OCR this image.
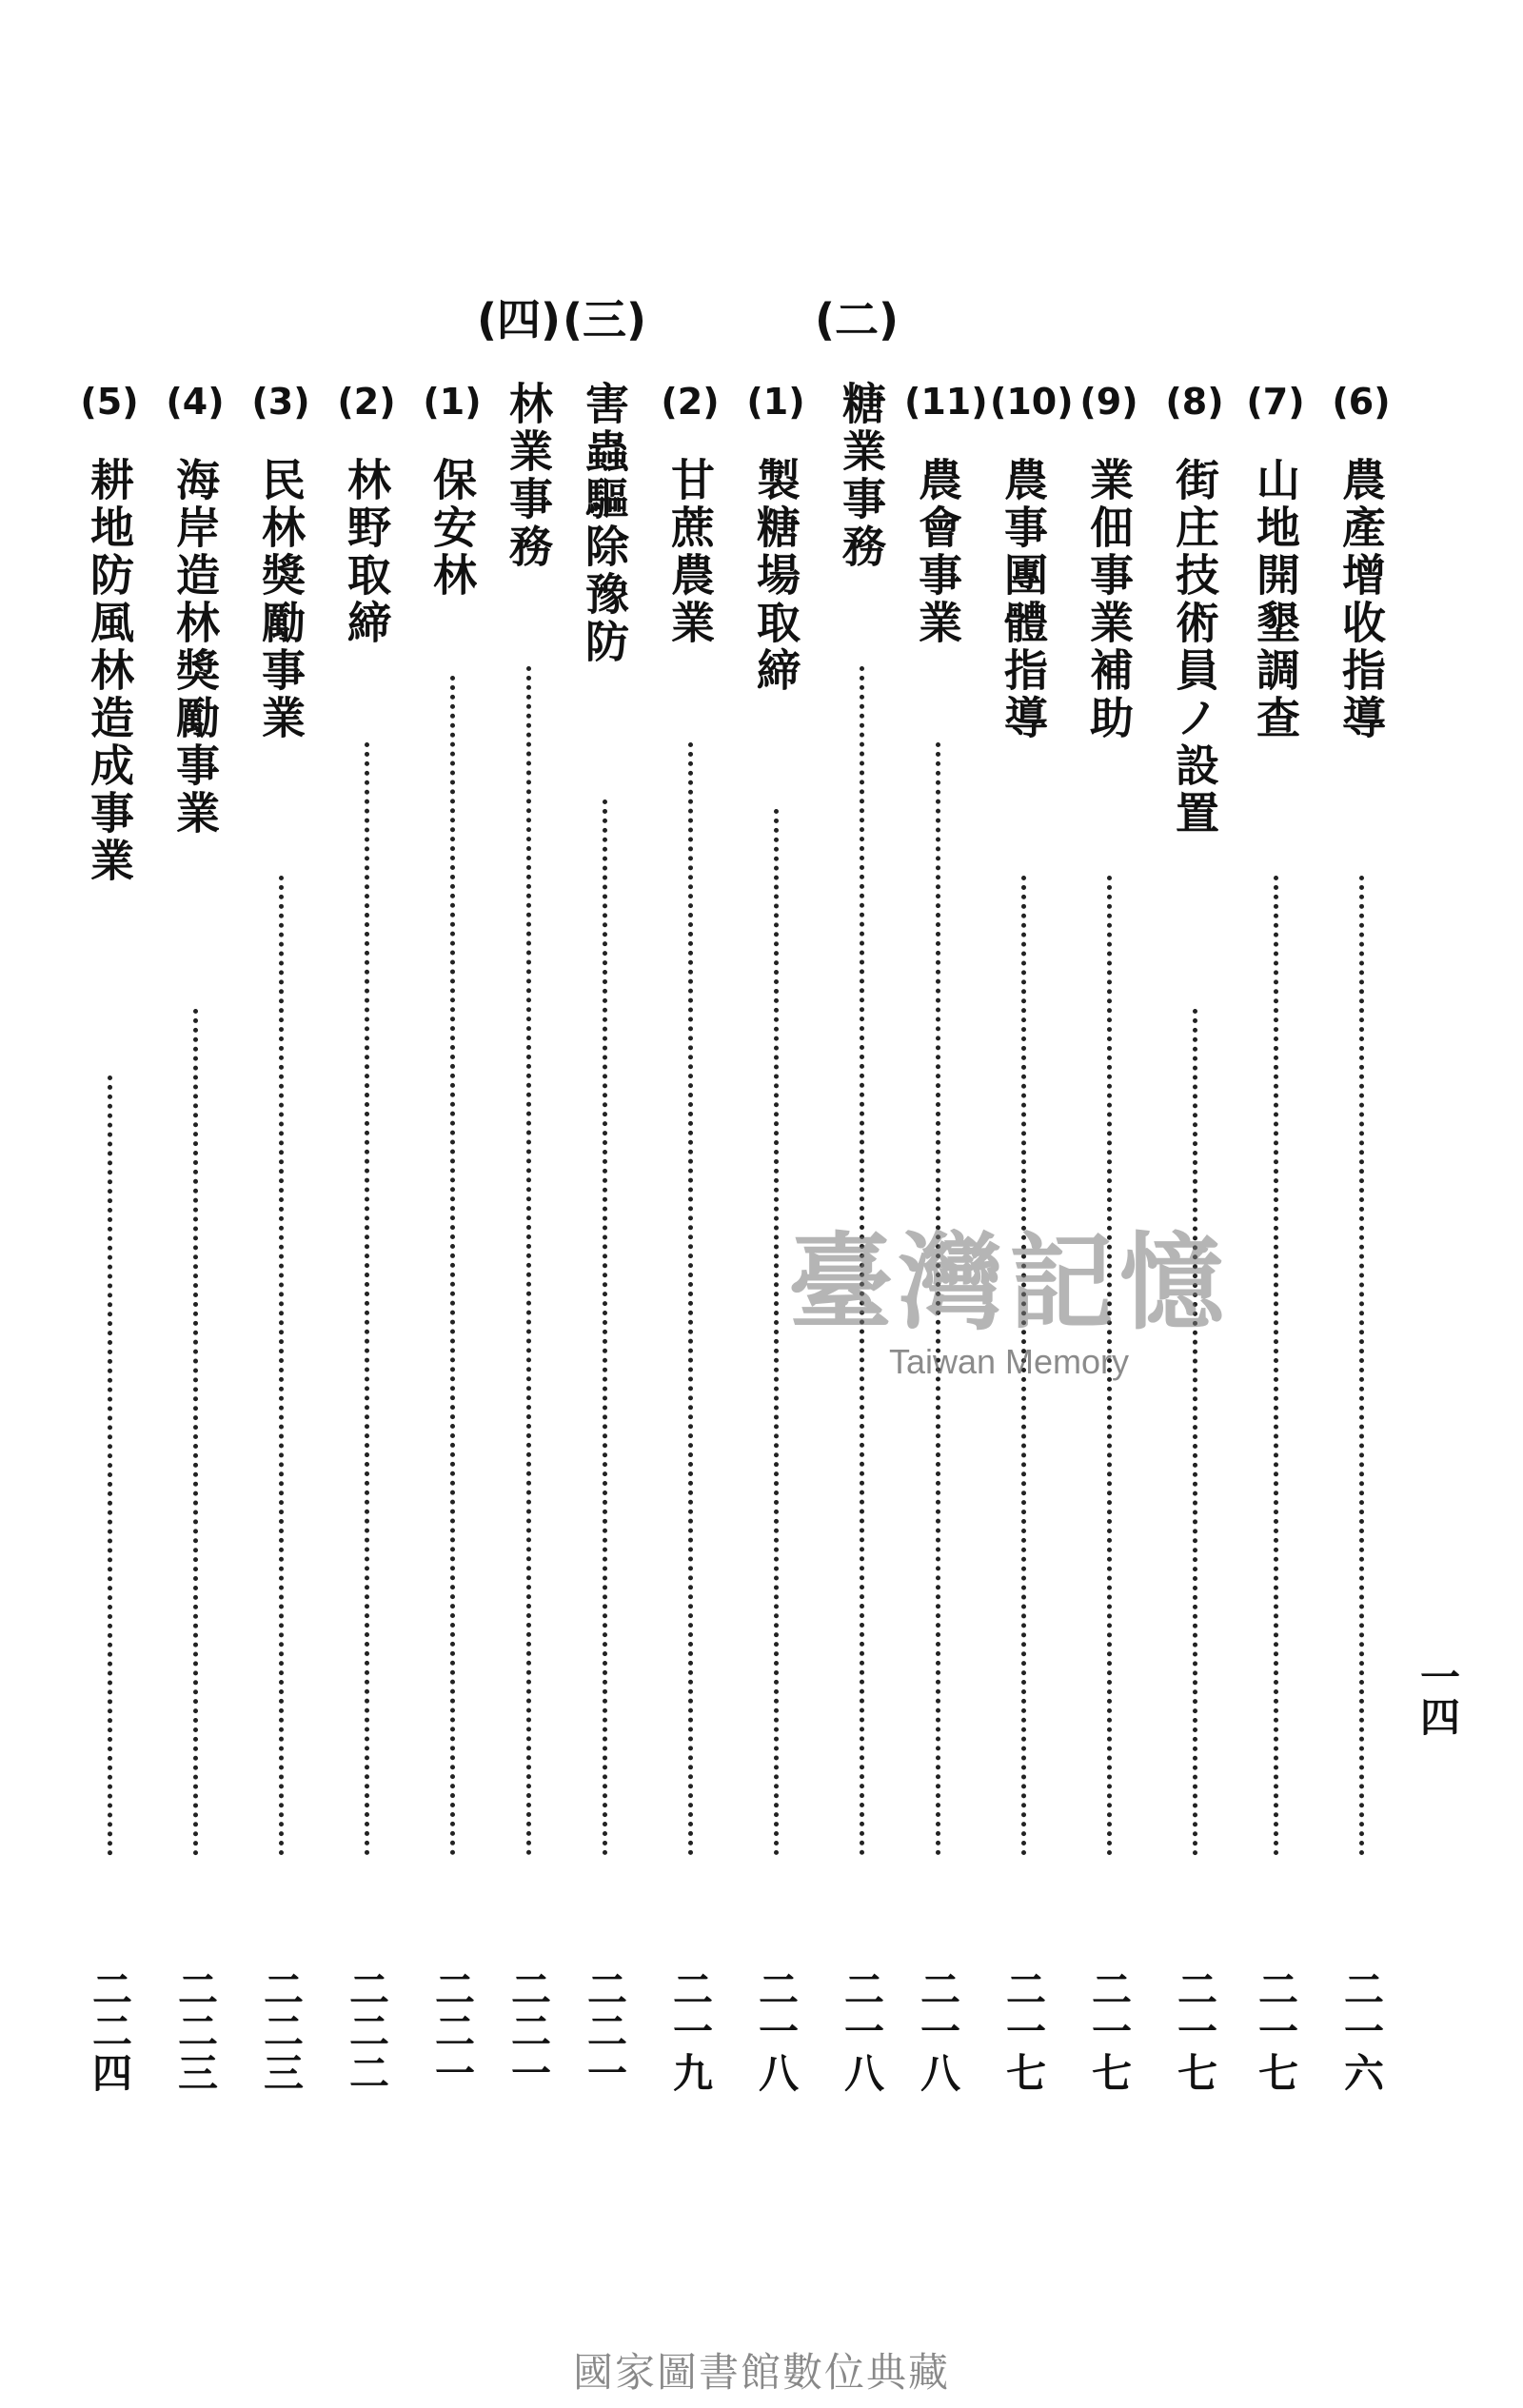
(二)
(三)
(四)
(6)
農產增收指導
二一六
(7)
山地開墾調查
二一七
(8)
街庄技術員ノ設置
二一七
(9)
業佃事業補助
二一七
(10)
農事團體指導
二一七
(11)
農會事業
二一八
糖業事務
二一八
(1)
製糖場取締
二一八
(2)
甘蔗農業
二一九
害蟲驅除豫防
二二一
林業事務
二二一
(1)
保安林
二二一
(2)
林野取締
二二二
(3)
民林獎勵事業
二二三
(4)
海岸造林獎勵事業
二二三
(5)
耕地防風林造成事業
二二四
一四
臺灣記憶
Taiwan Memory
國家圖書館數位典藏
